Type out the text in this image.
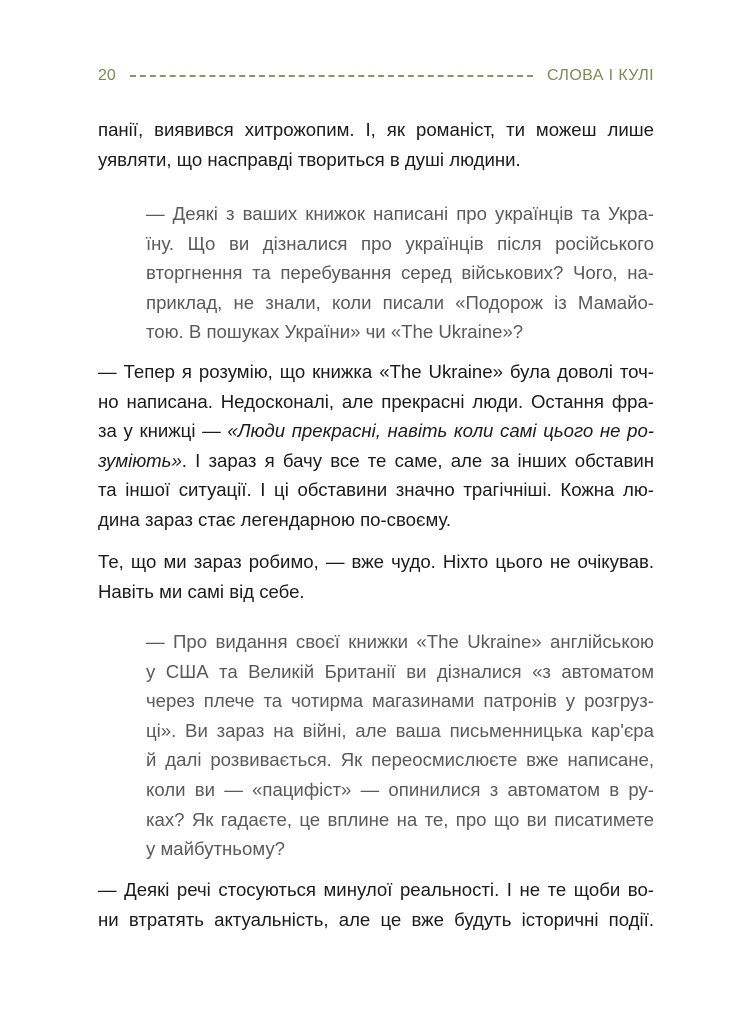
20	СЛОВА І КУЛІ

панії, виявився хитрожопим. І, як романіст, ти можеш лише
уявляти, що насправді твориться в душі людини.

— Деякі з ваших книжок написані про українців та Укра-
їну. Що ви дізналися про українців після російського
вторгнення та перебування серед військових? Чого, на-
приклад, не знали, коли писали «Подорож із Мамайо-
тою. В пошуках України» чи «The Ukraine»?

— Тепер я розумію, що книжка «The Ukraine» була доволі точ-
но написана. Недосконалі, але прекрасні люди. Остання фра-
за у книжці — «Люди прекрасні, навіть коли самі цього не ро-
зуміють». І зараз я бачу все те саме, але за інших обставин
та іншої ситуації. І ці обставини значно трагічніші. Кожна лю-
дина зараз стає легендарною по-своєму.

Те, що ми зараз робимо, — вже чудо. Ніхто цього не очікував.
Навіть ми самі від себе.

— Про видання своєї книжки «The Ukraine» англійською
у США та Великій Британії ви дізналися «з автоматом
через плече та чотирма магазинами патронів у розгруз-
ці». Ви зараз на війні, але ваша письменницька кар'єра
й далі розвивається. Як переосмислюєте вже написане,
коли ви — «пацифіст» — опинилися з автоматом в ру-
ках? Як гадаєте, це вплине на те, про що ви писатимете
у майбутньому?

— Деякі речі стосуються минулої реальності. І не те щоби во-
ни втратять актуальність, але це вже будуть історичні події.
